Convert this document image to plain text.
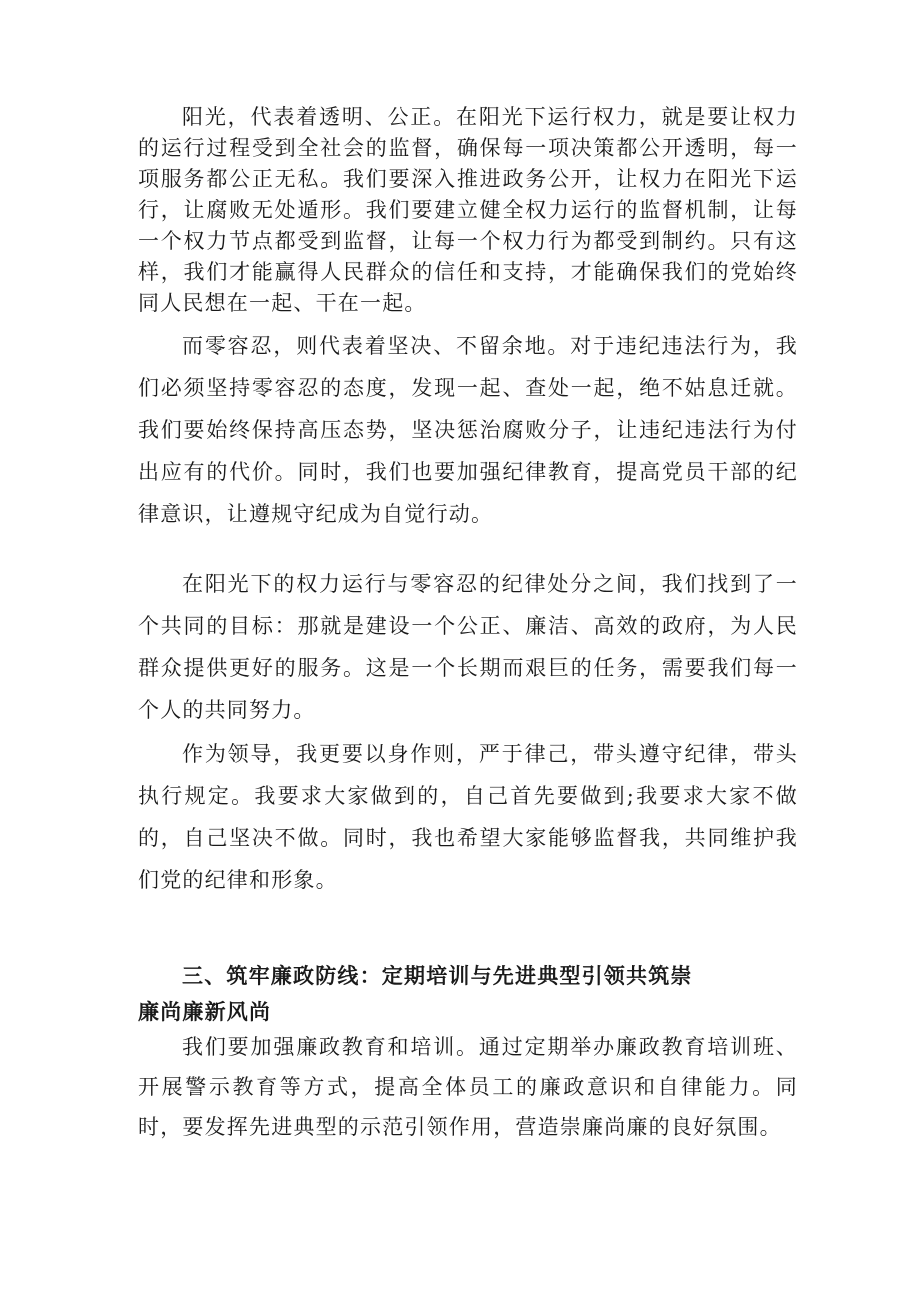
阳光，代表着透明、公正。在阳光下运行权力，就是要让权力的运行过程受到全社会的监督，确保每一项决策都公开透明，每一项服务都公正无私。我们要深入推进政务公开，让权力在阳光下运行，让腐败无处遁形。我们要建立健全权力运行的监督机制，让每一个权力节点都受到监督，让每一个权力行为都受到制约。只有这样，我们才能赢得人民群众的信任和支持，才能确保我们的党始终同人民想在一起、干在一起。

而零容忍，则代表着坚决、不留余地。对于违纪违法行为，我们必须坚持零容忍的态度，发现一起、查处一起，绝不姑息迁就。我们要始终保持高压态势，坚决惩治腐败分子，让违纪违法行为付出应有的代价。同时，我们也要加强纪律教育，提高党员干部的纪律意识，让遵规守纪成为自觉行动。

在阳光下的权力运行与零容忍的纪律处分之间，我们找到了一个共同的目标：那就是建设一个公正、廉洁、高效的政府，为人民群众提供更好的服务。这是一个长期而艰巨的任务，需要我们每一个人的共同努力。

作为领导，我更要以身作则，严于律己，带头遵守纪律，带头执行规定。我要求大家做到的，自己首先要做到;我要求大家不做的，自己坚决不做。同时，我也希望大家能够监督我，共同维护我们党的纪律和形象。

三、筑牢廉政防线：定期培训与先进典型引领共筑崇
廉尚廉新风尚

我们要加强廉政教育和培训。通过定期举办廉政教育培训班、开展警示教育等方式，提高全体员工的廉政意识和自律能力。同时，要发挥先进典型的示范引领作用，营造崇廉尚廉的良好氛围。
